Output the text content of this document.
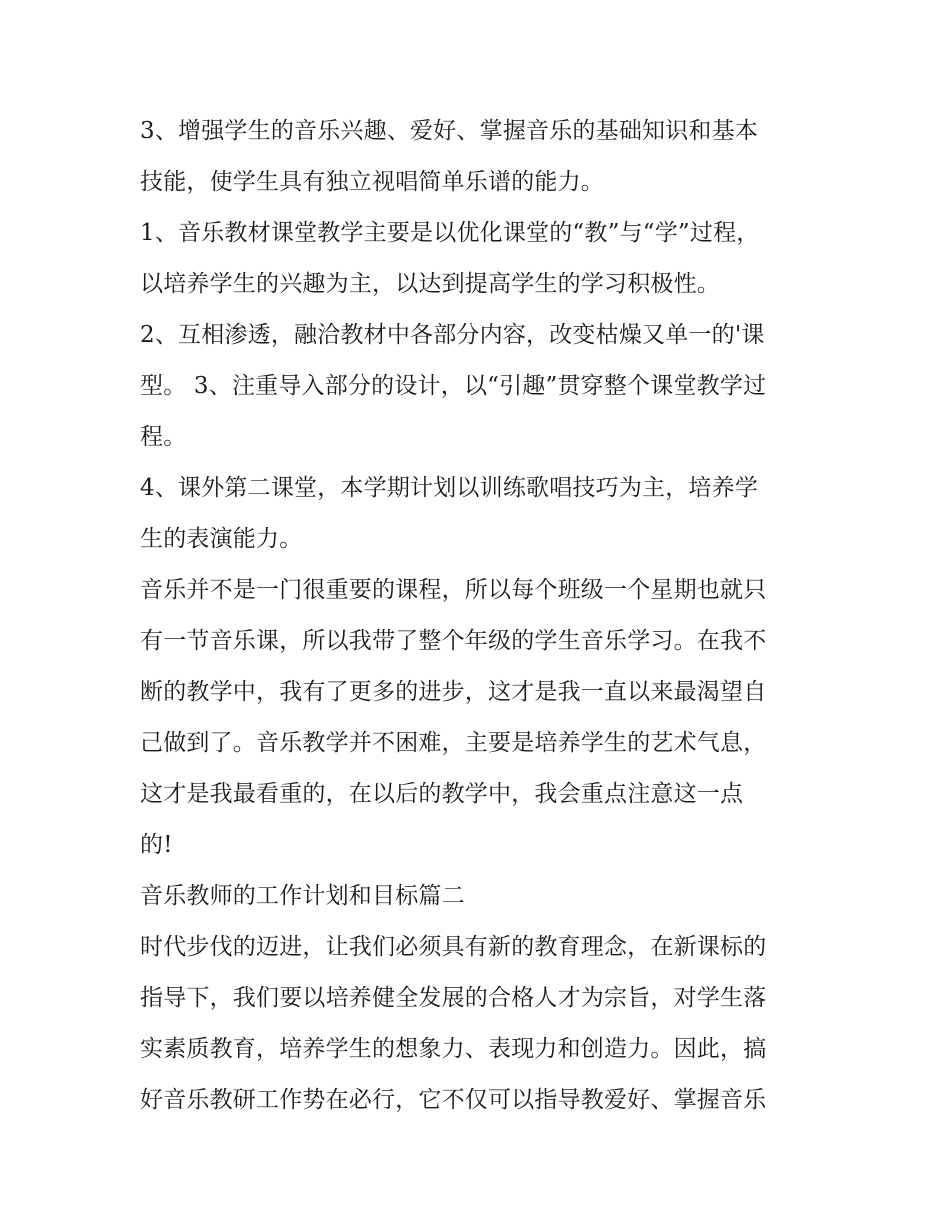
3、增强学生的音乐兴趣、爱好、掌握音乐的基础知识和基本
技能，使学生具有独立视唱简单乐谱的能力。
1、音乐教材课堂教学主要是以优化课堂的“教”与“学”过程，
以培养学生的兴趣为主，以达到提高学生的学习积极性。
2、互相渗透，融洽教材中各部分内容，改变枯燥又单一的'课
型。 3、注重导入部分的设计，以“引趣”贯穿整个课堂教学过
程。
4、课外第二课堂，本学期计划以训练歌唱技巧为主，培养学
生的表演能力。
音乐并不是一门很重要的课程，所以每个班级一个星期也就只
有一节音乐课，所以我带了整个年级的学生音乐学习。在我不
断的教学中，我有了更多的进步，这才是我一直以来最渴望自
己做到了。音乐教学并不困难，主要是培养学生的艺术气息，
这才是我最看重的，在以后的教学中，我会重点注意这一点
的!
音乐教师的工作计划和目标篇二
时代步伐的迈进，让我们必须具有新的教育理念，在新课标的
指导下，我们要以培养健全发展的合格人才为宗旨，对学生落
实素质教育，培养学生的想象力、表现力和创造力。因此，搞
好音乐教研工作势在必行，它不仅可以指导教爱好、掌握音乐
